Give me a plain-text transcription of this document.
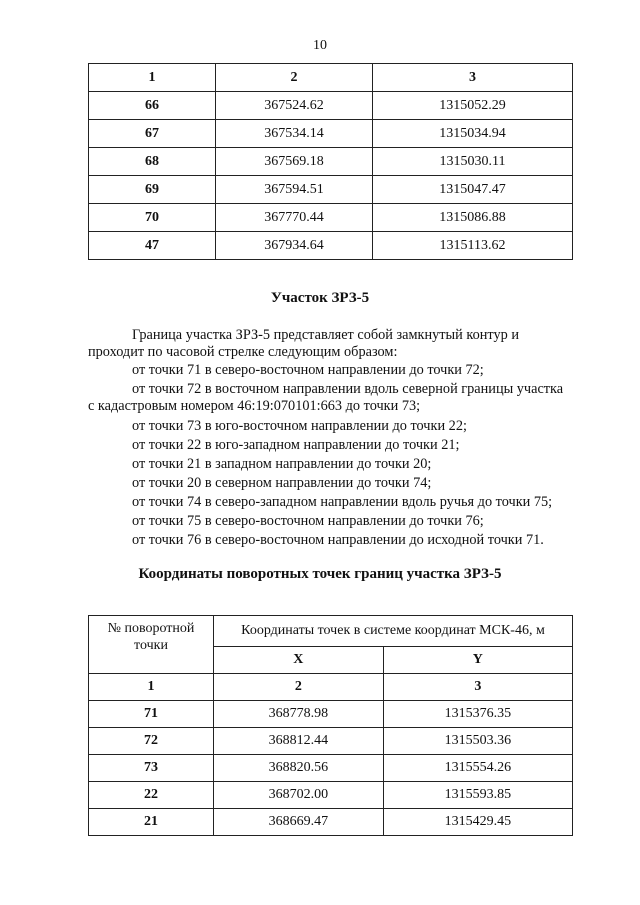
10
1	2	3
66	367524.62	1315052.29
67	367534.14	1315034.94
68	367569.18	1315030.11
69	367594.51	1315047.47
70	367770.44	1315086.88
47	367934.64	1315113.62
Участок ЗРЗ-5
Граница участка ЗРЗ-5 представляет собой замкнутый контур и проходит по часовой стрелке следующим образом:
от точки 71 в северо-восточном направлении до точки 72;
от точки 72 в восточном направлении вдоль северной границы участка с кадастровым номером 46:19:070101:663 до точки 73;
от точки 73 в юго-восточном направлении до точки 22;
от точки 22 в юго-западном направлении до точки 21;
от точки 21 в западном направлении до точки 20;
от точки 20 в северном направлении до точки 74;
от точки 74 в северо-западном направлении вдоль ручья до точки 75;
от точки 75 в северо-восточном направлении до точки 76;
от точки 76 в северо-восточном направлении до исходной точки 71.
Координаты поворотных точек границ участка ЗРЗ-5
№ поворотной точки	Координаты точек в системе координат МСК-46, м	
	X	Y
1	2	3
71	368778.98	1315376.35
72	368812.44	1315503.36
73	368820.56	1315554.26
22	368702.00	1315593.85
21	368669.47	1315429.45
